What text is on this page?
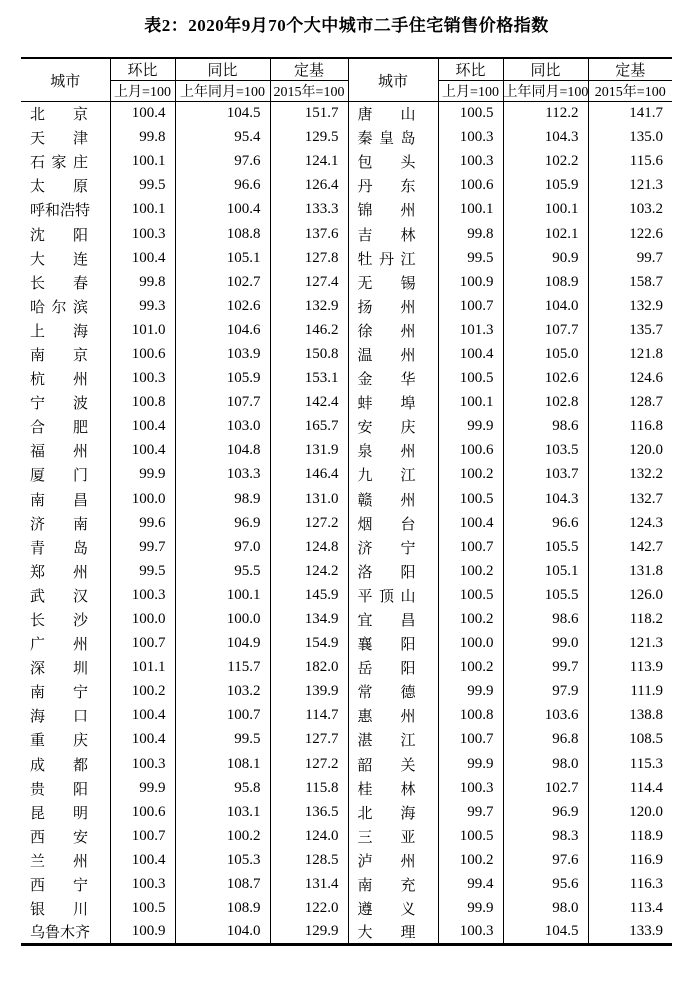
表2：2020年9月70个大中城市二手住宅销售价格指数
城市	环比	同比	定基	城市	环比	同比	定基
	上月=100	上年同月=100	2015年=100		上月=100	上年同月=100	2015年=100
北京	100.4	104.5	151.7	唐山	100.5	112.2	141.7
天津	99.8	95.4	129.5	秦皇岛	100.3	104.3	135.0
石家庄	100.1	97.6	124.1	包头	100.3	102.2	115.6
太原	99.5	96.6	126.4	丹东	100.6	105.9	121.3
呼和浩特	100.1	100.4	133.3	锦州	100.1	100.1	103.2
沈阳	100.3	108.8	137.6	吉林	99.8	102.1	122.6
大连	100.4	105.1	127.8	牡丹江	99.5	90.9	99.7
长春	99.8	102.7	127.4	无锡	100.9	108.9	158.7
哈尔滨	99.3	102.6	132.9	扬州	100.7	104.0	132.9
上海	101.0	104.6	146.2	徐州	101.3	107.7	135.7
南京	100.6	103.9	150.8	温州	100.4	105.0	121.8
杭州	100.3	105.9	153.1	金华	100.5	102.6	124.6
宁波	100.8	107.7	142.4	蚌埠	100.1	102.8	128.7
合肥	100.4	103.0	165.7	安庆	99.9	98.6	116.8
福州	100.4	104.8	131.9	泉州	100.6	103.5	120.0
厦门	99.9	103.3	146.4	九江	100.2	103.7	132.2
南昌	100.0	98.9	131.0	赣州	100.5	104.3	132.7
济南	99.6	96.9	127.2	烟台	100.4	96.6	124.3
青岛	99.7	97.0	124.8	济宁	100.7	105.5	142.7
郑州	99.5	95.5	124.2	洛阳	100.2	105.1	131.8
武汉	100.3	100.1	145.9	平顶山	100.5	105.5	126.0
长沙	100.0	100.0	134.9	宜昌	100.2	98.6	118.2
广州	100.7	104.9	154.9	襄阳	100.0	99.0	121.3
深圳	101.1	115.7	182.0	岳阳	100.2	99.7	113.9
南宁	100.2	103.2	139.9	常德	99.9	97.9	111.9
海口	100.4	100.7	114.7	惠州	100.8	103.6	138.8
重庆	100.4	99.5	127.7	湛江	100.7	96.8	108.5
成都	100.3	108.1	127.2	韶关	99.9	98.0	115.3
贵阳	99.9	95.8	115.8	桂林	100.3	102.7	114.4
昆明	100.6	103.1	136.5	北海	99.7	96.9	120.0
西安	100.7	100.2	124.0	三亚	100.5	98.3	118.9
兰州	100.4	105.3	128.5	泸州	100.2	97.6	116.9
西宁	100.3	108.7	131.4	南充	99.4	95.6	116.3
银川	100.5	108.9	122.0	遵义	99.9	98.0	113.4
乌鲁木齐	100.9	104.0	129.9	大理	100.3	104.5	133.9
